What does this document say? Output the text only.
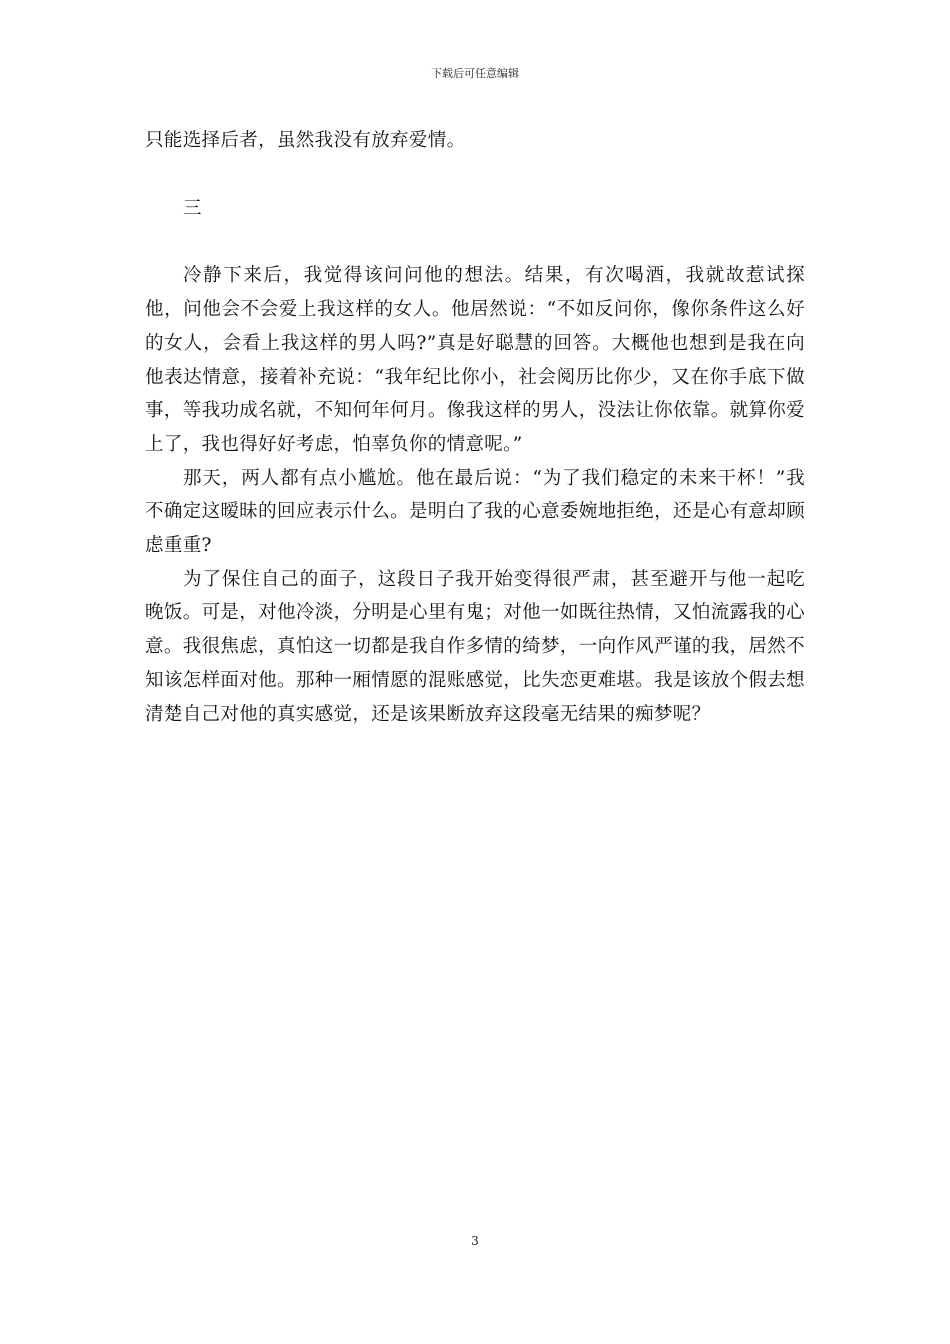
下载后可任意编辑

只能选择后者，虽然我没有放弃爱情。

三

冷静下来后，我觉得该问问他的想法。结果，有次喝酒，我就故惹试探他，问他会不会爱上我这样的女人。他居然说：“不如反问你，像你条件这么好的女人，会看上我这样的男人吗?”真是好聪慧的回答。大概他也想到是我在向他表达情意，接着补充说：“我年纪比你小，社会阅历比你少，又在你手底下做事，等我功成名就，不知何年何月。像我这样的男人，没法让你依靠。就算你爱上了，我也得好好考虑，怕辜负你的情意呢。”

那天，两人都有点小尴尬。他在最后说：“为了我们稳定的未来干杯！”我不确定这暧昧的回应表示什么。是明白了我的心意委婉地拒绝，还是心有意却顾虑重重?

为了保住自己的面子，这段日子我开始变得很严肃，甚至避开与他一起吃晚饭。可是，对他冷淡，分明是心里有鬼；对他一如既往热情，又怕流露我的心意。我很焦虑，真怕这一切都是我自作多情的绮梦，一向作风严谨的我，居然不知该怎样面对他。那种一厢情愿的混账感觉，比失恋更难堪。我是该放个假去想清楚自己对他的真实感觉，还是该果断放弃这段毫无结果的痴梦呢？

3
